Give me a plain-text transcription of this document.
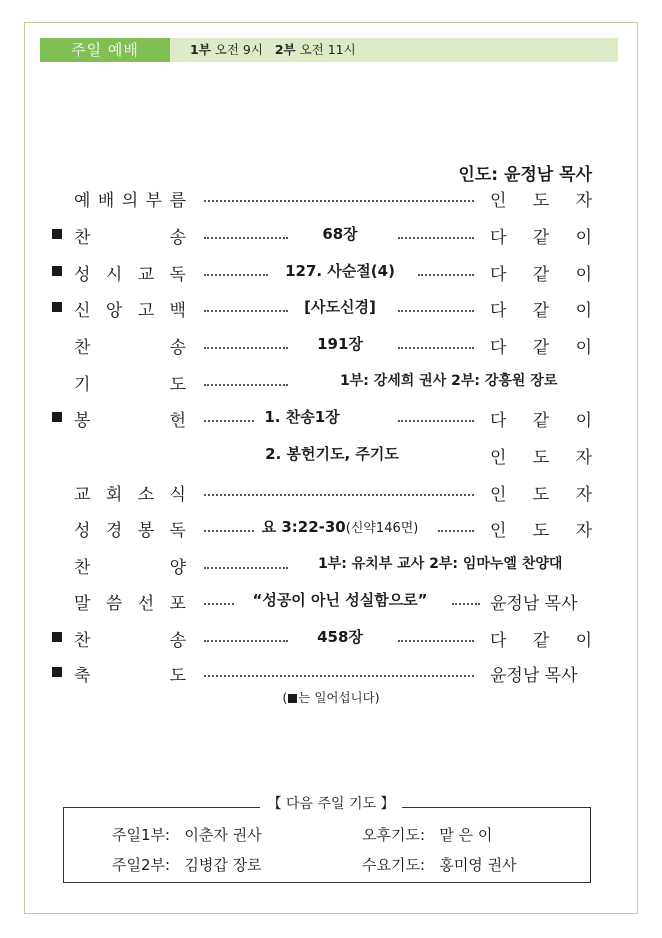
주일 예배	1부 오전 9시 2부 오전 11시
인도: 윤정남 목사
예 배 의 부 름	인 도 자
찬	송	68장	다 같 이
성 시 교 독	127. 사순절(4)	다 같 이
신 앙 고 백	[사도신경]	다 같 이
찬	송	191장	다 같 이
기	도	1부: 강세희 권사 2부: 강흥원 장로
봉	헌	1. 찬송1장	다 같 이
2. 봉헌기도, 주기도	인 도 자
교 회 소 식	인 도 자
성 경 봉 독	요 3:22-30(신약146면)	인 도 자
찬	양	1부: 유치부 교사 2부: 임마누엘 찬양대
말 씀 선 포	“성공이 아닌 성실함으로”	윤정남 목사
찬	송	458장	다 같 이
축	도	윤정남 목사
( 는 일어섭니다)
주일1부: 이춘자 권사	오후기도: 맡 은 이
주일2부: 김병갑 장로	수요기도: 홍미영 권사
【 다음 주일 기도 】
